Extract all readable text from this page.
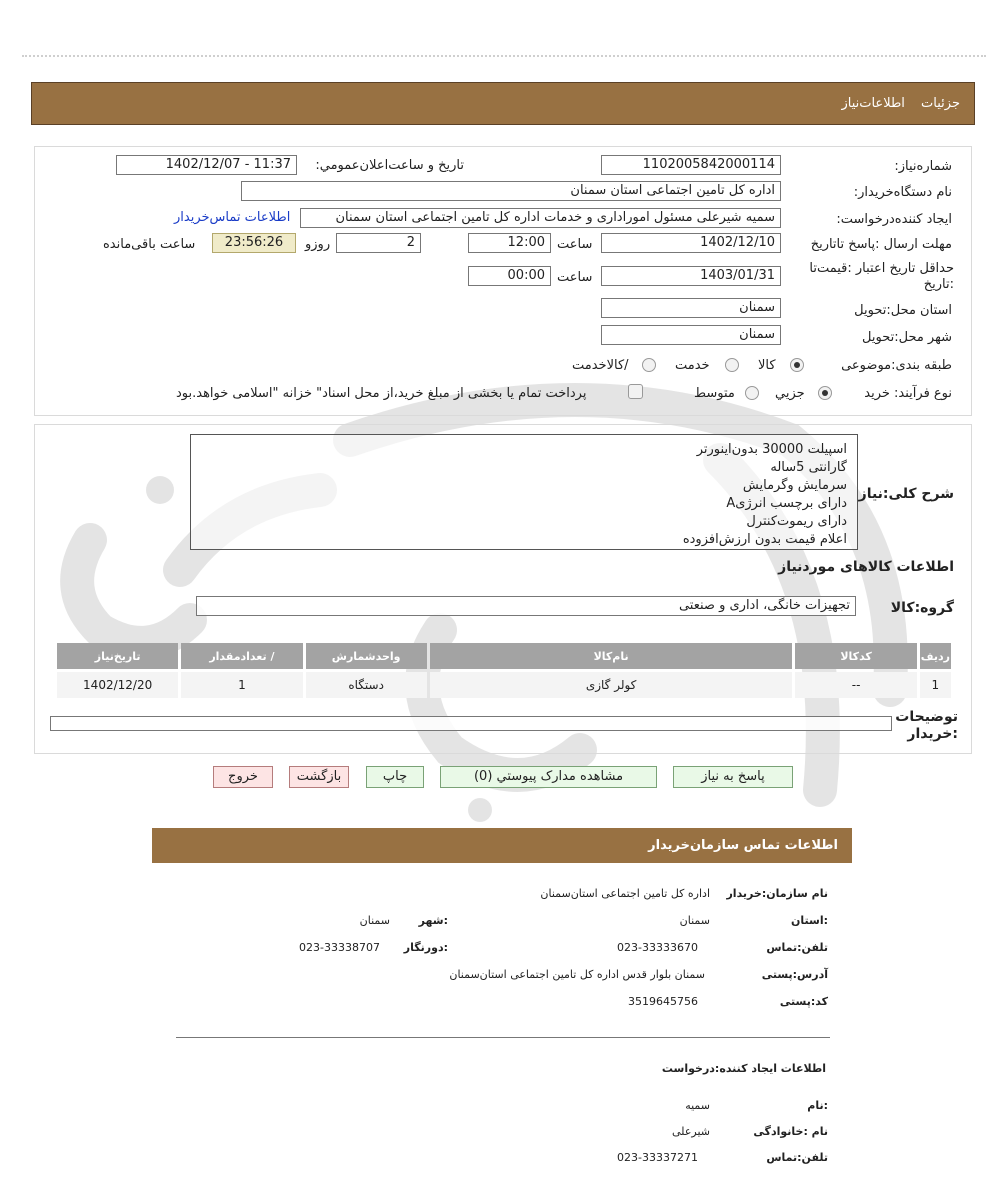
جزئیات اطلاعات‌نیاز
شماره‌نیاز:
1102005842000114
تاریخ و ساعت‌اعلان‌عمومي:
1402/12/07 - 11:37
نام دستگاه‌خریدار:
اداره کل تامین اجتماعی استان سمنان
ایجاد کننده‌درخواست:
سمیه شیرعلی مسئول اموراداری و خدمات اداره کل تامین اجتماعی استان سمنان
اطلاعات تماس‌خریدار
مهلت ارسال :پاسخ تا‌تاریخ
1402/12/10
ساعت
12:00
2
روزو
23:56:26
ساعت باقی‌مانده
حداقل تاریخ اعتبار :قیمت‌تا
:تاریخ
1403/01/31
ساعت
00:00
استان محل:تحویل
سمنان
شهر محل:تحویل
سمنان
طبقه بندی:موضوعی
کالا
خدمت
/کالاخدمت
نوع فرآیند: خرید
جزیي
متوسط
پرداخت تمام یا بخشی از مبلغ خرید،از محل اسناد" خزانه "اسلامی خواهد.بود
شرح کلی:نیاز
اسپیلت 30000 بدون‌اینورتر
گارانتی 5ساله
سرمایش وگرمایش
دارای برچسب انرژیA
دارای ریموت‌کنترل
اعلام قیمت بدون ارزش‌افزوده
اطلاعات کالاهای موردنیاز
گروه:کالا
تجهیزات خانگی، اداری و صنعتی
ردیف	کدکالا	نام‌کالا	واحدشمارش	/ تعدادمقدار	تاریخ‌نیاز
1	--	کولر گازی	دستگاه	1	1402/12/20
توضیحات
:خریدار
پاسخ به نیاز
مشاهده مدارک پیوستي (0)
چاپ
بازگشت
خروج
اطلاعات تماس سازمان‌خریدار
نام سازمان:خریدار
اداره کل تامین اجتماعی استان‌سمنان
:استان
سمنان
:شهر
سمنان
تلفن:تماس
023-33333670
:دورنگار
023-33338707
آدرس:پستی
سمنان بلوار قدس اداره کل تامین اجتماعی استان‌سمنان
کد:پستی
3519645756
اطلاعات ایجاد کننده:درخواست
:نام
سمیه
نام :خانوادگی
شیرعلی
تلفن:تماس
023-33337271
